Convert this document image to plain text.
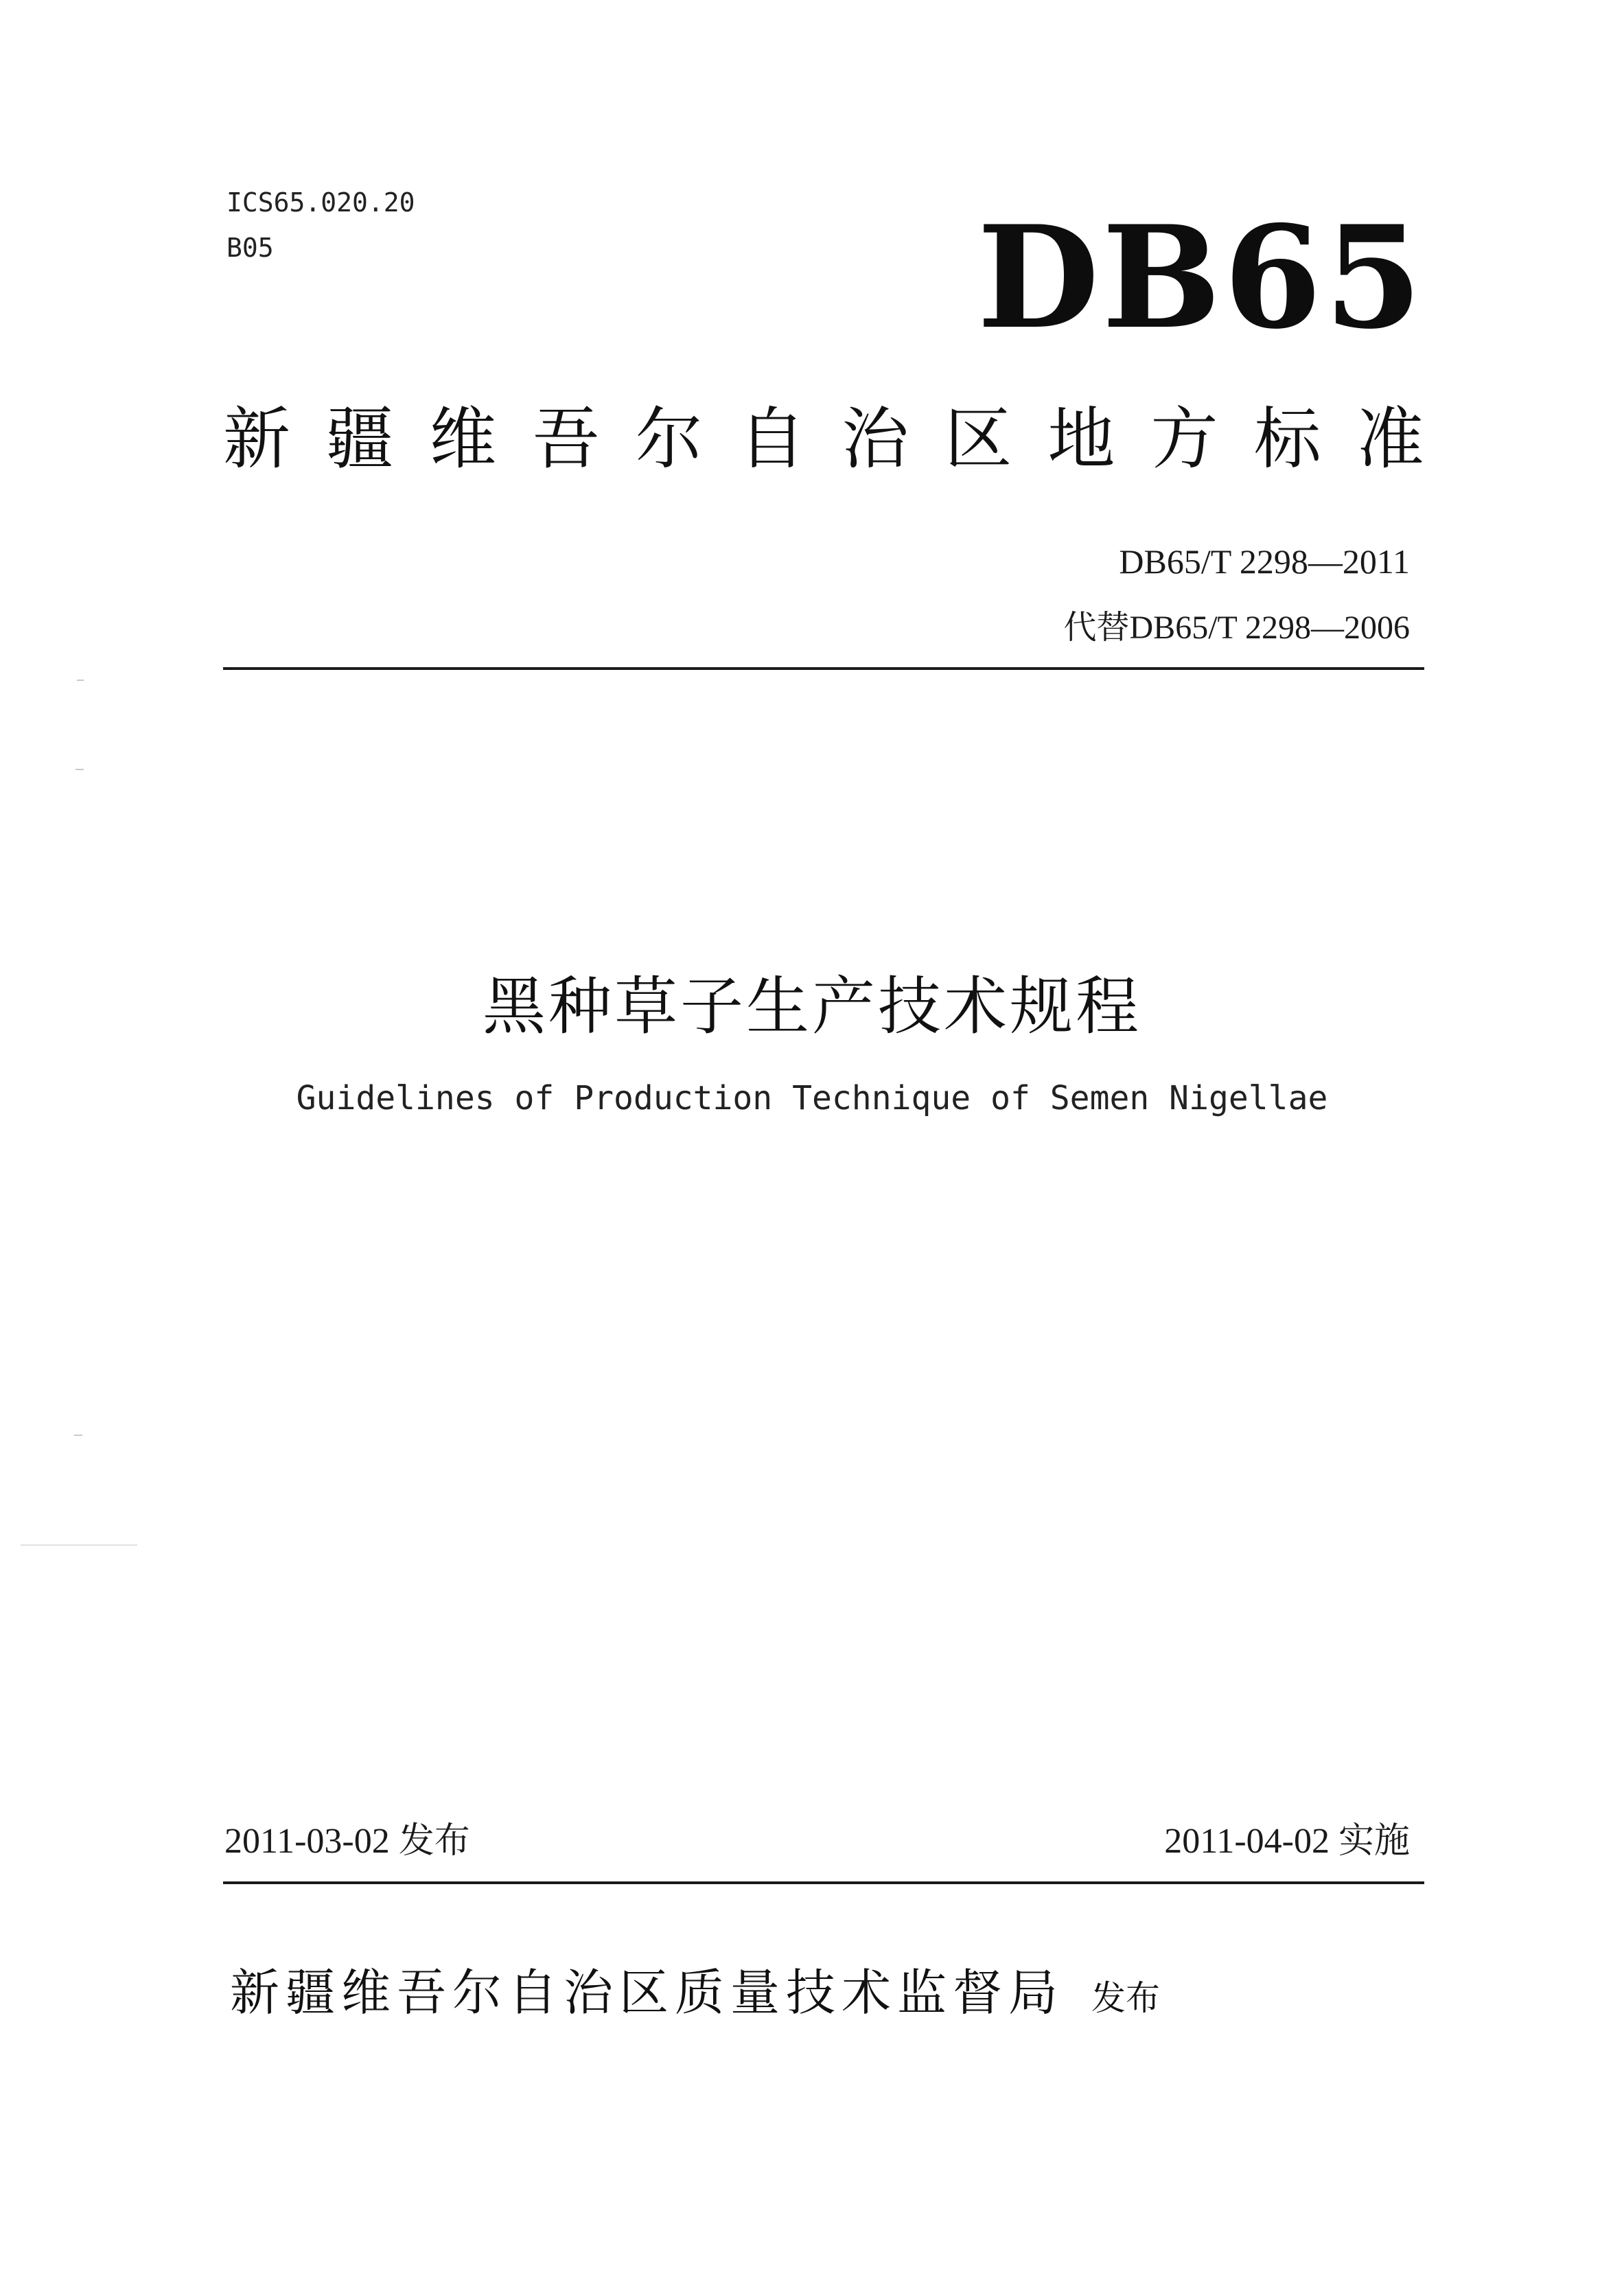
ICS65.020.20
B05	DB65
新 疆 维 吾 尔 自 治 区 地 方 标 准
DB65/T 2298—2011
代替DB65/T 2298—2006
黑种草子生产技术规程
Guidelines of Production Technique of Semen Nigellae
2011-03-02 发布	2011-04-02 实施
新疆维吾尔自治区质量技术监督局 发布
